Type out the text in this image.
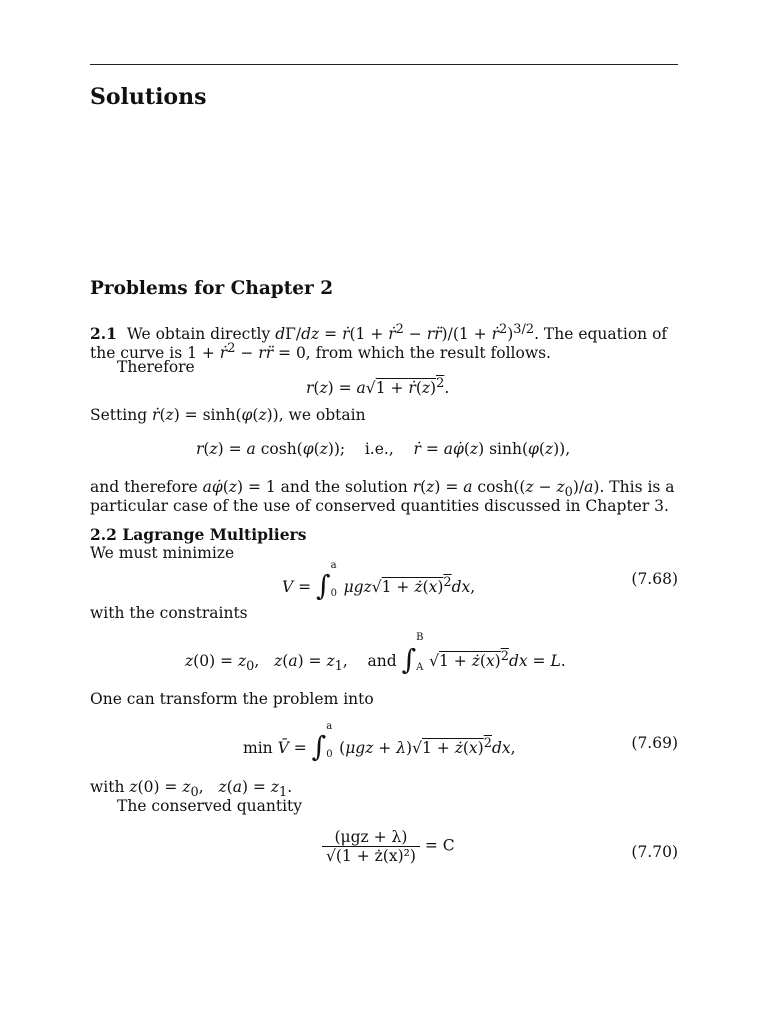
Solutions
Problems for Chapter 2
2.1  We obtain directly dΓ/dz = ṙ(1 + ṙ$^2$ − rr̈)/(1 + ṙ$^2$)$^{3/2}$. The equation of
the curve is 1 + ṙ$^2$ − rr̈ = 0, from which the result follows.
Therefore
$r(z) = a√1 + ṙ(z)^2$.
Setting ṙ(z) = sinh(φ(z)), we obtain
r(z) = a cosh(φ(z));    i.e.,    ṙ = aφ̇(z) sinh(φ(z)),
and therefore aφ̇(z) = 1 and the solution r(z) = a $\cosh((z - z_0)/a)$. This is a
particular case of the use of conserved quantities discussed in Chapter 3.
2.2 Lagrange Multipliers
We must minimize
V = ∫
a
0 $\mu gz√1 + ż(x)^2dx$,	(7.68)
with the constraints
$z(0) = z_0$,   $z(a) = z_1$,    and ∫
B
A $√1 + ż(x)^2dx = L$.
One can transform the problem into
min V̄ = ∫
a
0 $(\mu gz + \lambda)√1 + ż(x)^2dx$,	(7.69)
with $z(0) = z_0$,   $z(a) = z_1$.
The conserved quantity
$\frac{\text{(μgz + λ)}}{\text{√(1 + ż(x)²)}} = C$	(7.70)
